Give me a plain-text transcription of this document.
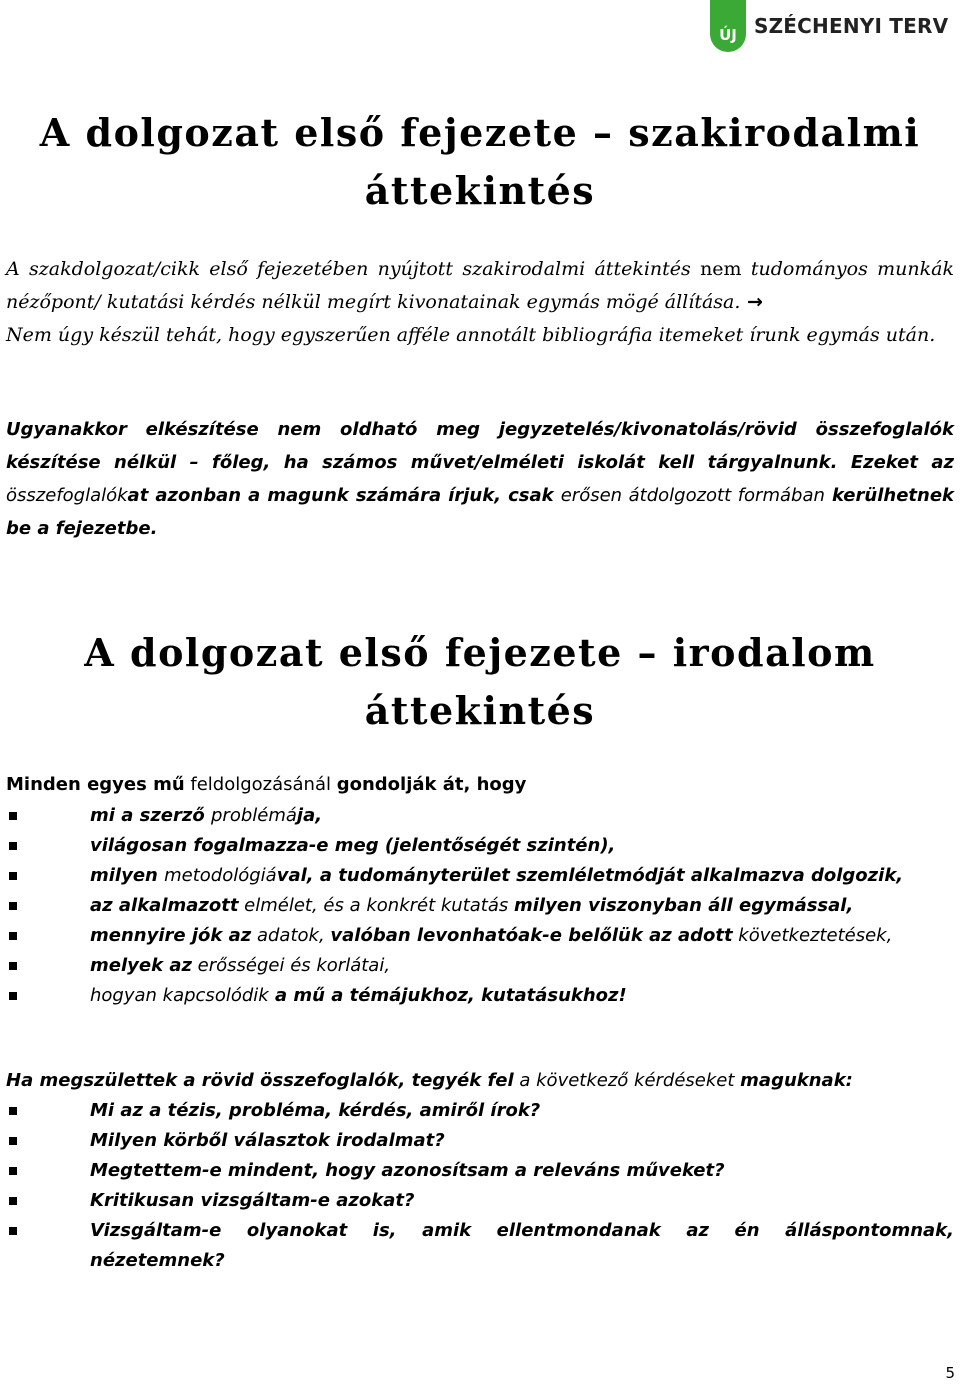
ÚJ SZÉCHENYI TERV
A dolgozat első fejezete – szakirodalmi
áttekintés

A szakdolgozat/cikk első fejezetében nyújtott szakirodalmi áttekintés nem tudományos munkák nézőpont/ kutatási kérdés nélkül megírt kivonatainak egymás mögé állítása. →
Nem úgy készül tehát, hogy egyszerűen afféle annotált bibliográfia itemeket írunk egymás után.

Ugyanakkor elkészítése nem oldható meg jegyzetelés/kivonatolás/rövid összefoglalók készítése nélkül – főleg, ha számos művet/elméleti iskolát kell tárgyalnunk. Ezeket az összefoglalókat azonban a magunk számára írjuk, csak erősen átdolgozott formában kerülhetnek be a fejezetbe.

A dolgozat első fejezete – irodalom
áttekintés

Minden egyes mű feldolgozásánál gondolják át, hogy

mi a szerző problémája,
világosan fogalmazza-e meg (jelentőségét szintén),
milyen metodológiával, a tudományterület szemléletmódját alkalmazva dolgozik,
az alkalmazott elmélet, és a konkrét kutatás milyen viszonyban áll egymással,
mennyire jók az adatok, valóban levonhatóak-e belőlük az adott következtetések,
melyek az erősségei és korlátai,
hogyan kapcsolódik a mű a témájukhoz, kutatásukhoz!

Ha megszülettek a rövid összefoglalók, tegyék fel a következő kérdéseket maguknak:

Mi az a tézis, probléma, kérdés, amiről írok?
Milyen körből választok irodalmat?
Megtettem-e mindent, hogy azonosítsam a releváns műveket?
Kritikusan vizsgáltam-e azokat?
Vizsgáltam-e olyanokat is, amik ellentmondanak az én álláspontomnak, nézetemnek?
5
